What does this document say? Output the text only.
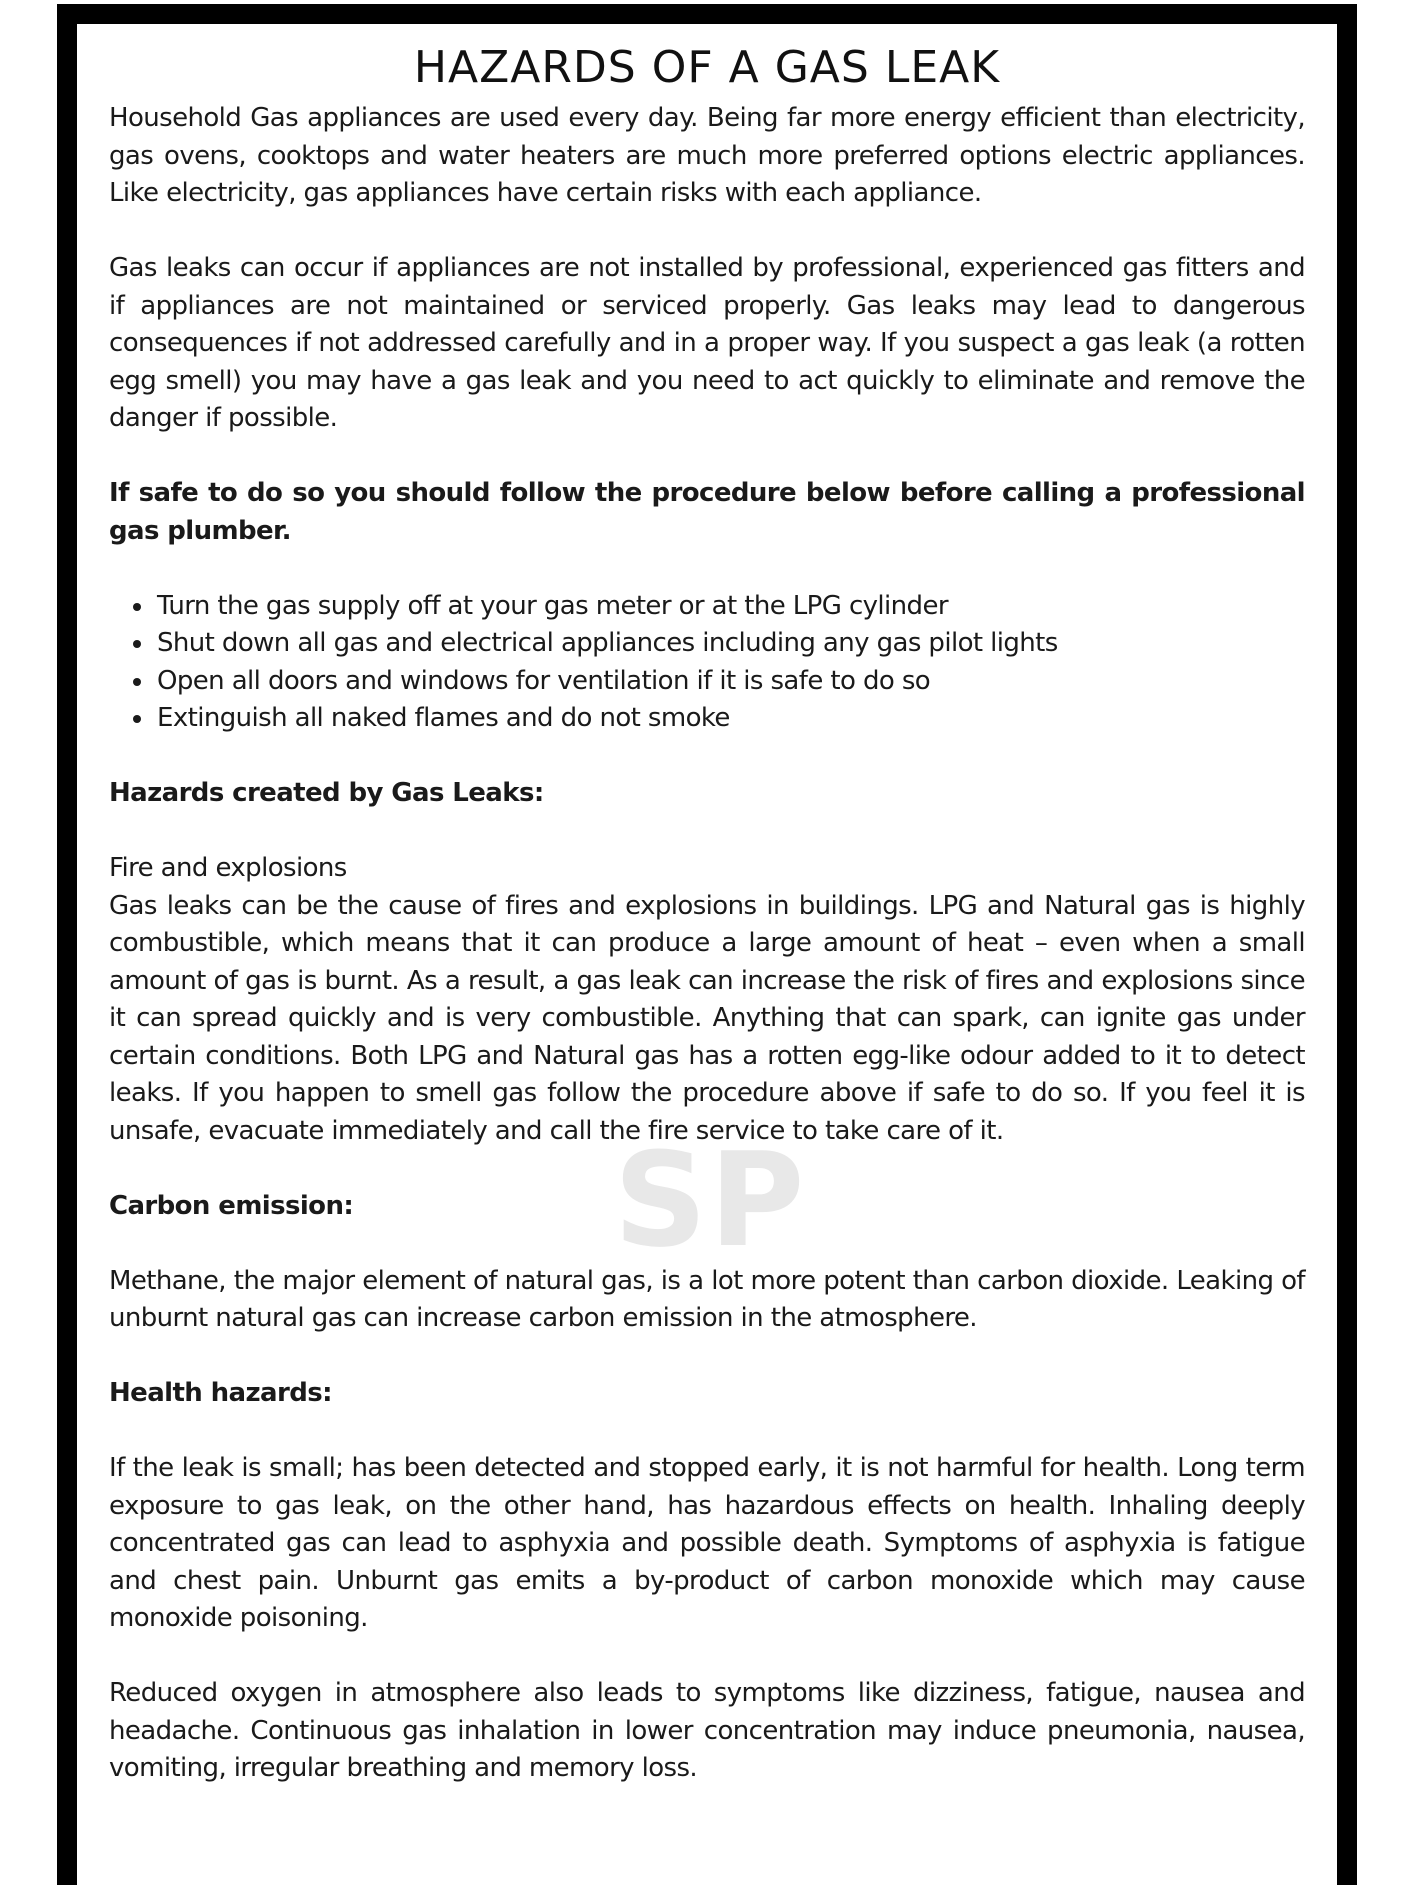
SP
HAZARDS OF A GAS LEAK

Household Gas appliances are used every day. Being far more energy efficient than electricity, gas ovens, cooktops and water heaters are much more preferred options electric appliances. Like electricity, gas appliances have certain risks with each appliance.

Gas leaks can occur if appliances are not installed by professional, experienced gas fitters and if appliances are not maintained or serviced properly. Gas leaks may lead to dangerous consequences if not addressed carefully and in a proper way. If you suspect a gas leak (a rotten egg smell) you may have a gas leak and you need to act quickly to eliminate and remove the danger if possible.

If safe to do so you should follow the procedure below before calling a professional gas plumber.

• Turn the gas supply off at your gas meter or at the LPG cylinder
• Shut down all gas and electrical appliances including any gas pilot lights
• Open all doors and windows for ventilation if it is safe to do so
• Extinguish all naked flames and do not smoke
Hazards created by Gas Leaks:
Fire and explosions

Gas leaks can be the cause of fires and explosions in buildings. LPG and Natural gas is highly combustible, which means that it can produce a large amount of heat – even when a small amount of gas is burnt. As a result, a gas leak can increase the risk of fires and explosions since it can spread quickly and is very combustible. Anything that can spark, can ignite gas under certain conditions. Both LPG and Natural gas has a rotten egg-like odour added to it to detect leaks. If you happen to smell gas follow the procedure above if safe to do so. If you feel it is unsafe, evacuate immediately and call the fire service to take care of it.

Carbon emission:

Methane, the major element of natural gas, is a lot more potent than carbon dioxide. Leaking of unburnt natural gas can increase carbon emission in the atmosphere.

Health hazards:

If the leak is small; has been detected and stopped early, it is not harmful for health. Long term exposure to gas leak, on the other hand, has hazardous effects on health. Inhaling deeply concentrated gas can lead to asphyxia and possible death. Symptoms of asphyxia is fatigue and chest pain. Unburnt gas emits a by-product of carbon monoxide which may cause monoxide poisoning.

Reduced oxygen in atmosphere also leads to symptoms like dizziness, fatigue, nausea and headache. Continuous gas inhalation in lower concentration may induce pneumonia, nausea, vomiting, irregular breathing and memory loss.
